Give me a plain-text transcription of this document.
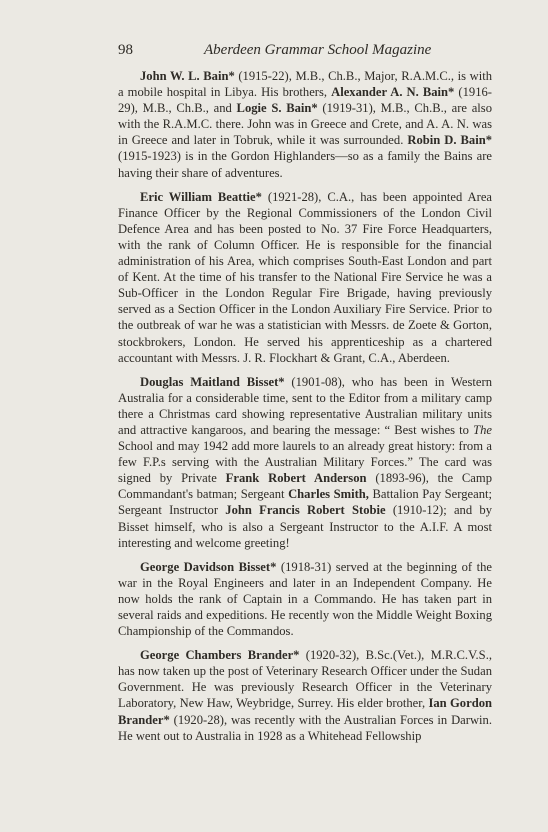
98	Aberdeen Grammar School Magazine

John W. L. Bain* (1915-22), M.B., Ch.B., Major, R.A.M.C., is with a mobile hospital in Libya. His brothers, Alexander A. N. Bain* (1916-29), M.B., Ch.B., and Logie S. Bain* (1919-31), M.B., Ch.B., are also with the R.A.M.C. there. John was in Greece and Crete, and A. A. N. was in Greece and later in Tobruk, while it was surrounded. Robin D. Bain* (1915-1923) is in the Gordon Highlanders—so as a family the Bains are having their share of adventures.

Eric William Beattie* (1921-28), C.A., has been appointed Area Finance Officer by the Regional Commissioners of the London Civil Defence Area and has been posted to No. 37 Fire Force Headquarters, with the rank of Column Officer. He is responsible for the financial administration of his Area, which comprises South-East London and part of Kent. At the time of his transfer to the National Fire Service he was a Sub-Officer in the London Regular Fire Brigade, having previously served as a Section Officer in the London Auxiliary Fire Service. Prior to the outbreak of war he was a statistician with Messrs. de Zoete & Gorton, stockbrokers, London. He served his apprenticeship as a chartered accountant with Messrs. J. R. Flockhart & Grant, C.A., Aberdeen.

Douglas Maitland Bisset* (1901-08), who has been in Western Australia for a considerable time, sent to the Editor from a military camp there a Christmas card showing representative Australian military units and attractive kangaroos, and bearing the message: “ Best wishes to The School and may 1942 add more laurels to an already great history: from a few F.P.s serving with the Australian Military Forces.” The card was signed by Private Frank Robert Anderson (1893-96), the Camp Commandant's batman; Sergeant Charles Smith, Battalion Pay Sergeant; Sergeant Instructor John Francis Robert Stobie (1910-12); and by Bisset himself, who is also a Sergeant Instructor to the A.I.F. A most interesting and welcome greeting!

George Davidson Bisset* (1918-31) served at the beginning of the war in the Royal Engineers and later in an Independent Company. He now holds the rank of Captain in a Commando. He has taken part in several raids and expeditions. He recently won the Middle Weight Boxing Championship of the Commandos.

George Chambers Brander* (1920-32), B.Sc.(Vet.), M.R.C.V.S., has now taken up the post of Veterinary Research Officer under the Sudan Government. He was previously Research Officer in the Veterinary Laboratory, New Haw, Weybridge, Surrey. His elder brother, Ian Gordon Brander* (1920-28), was recently with the Australian Forces in Darwin. He went out to Australia in 1928 as a Whitehead Fellowship
